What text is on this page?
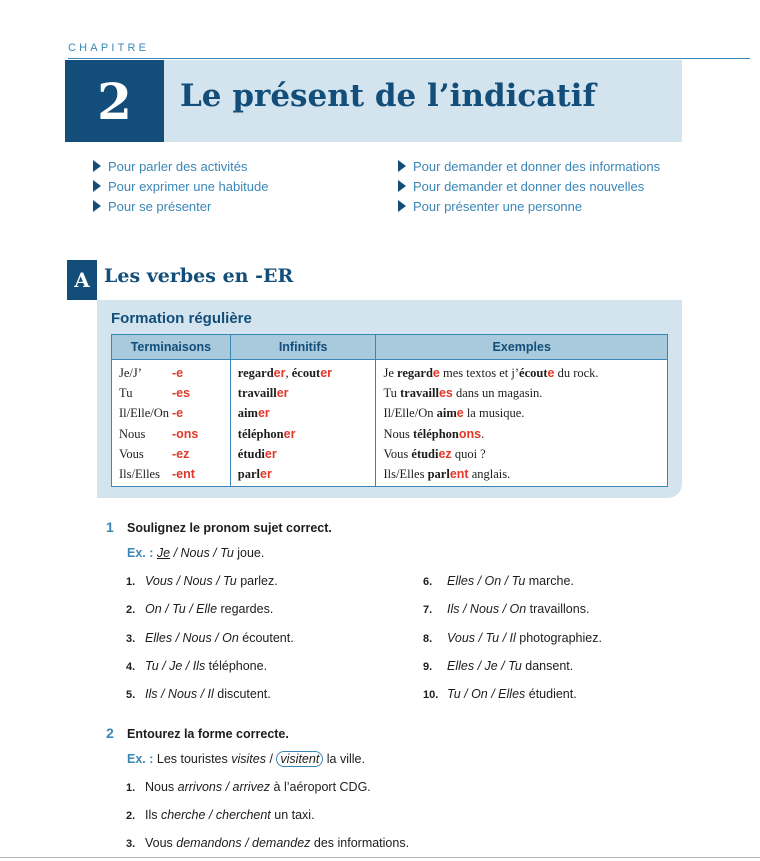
CHAPITRE
2	Le présent de l’indicatif
Pour parler des activités
Pour exprimer une habitude
Pour se présenter
Pour demander et donner des informations
Pour demander et donner des nouvelles
Pour présenter une personne
A Les verbes en -ER
Formation régulière
Terminaisons	Infinitifs	Exemples
Je/J’ -e	regarder, écouter	Je regarde mes textos et j’écoute du rock.
Tu -es	travailler	Tu travailles dans un magasin.
Il/Elle/On -e	aimer	Il/Elle/On aime la musique.
Nous -ons	téléphoner	Nous téléphonons.
Vous -ez	étudier	Vous étudiez quoi ?
Ils/Elles -ent	parler	Ils/Elles parlent anglais.
1 Soulignez le pronom sujet correct.
Ex. : Je / Nous / Tu joue.
1. Vous / Nous / Tu parlez.
2. On / Tu / Elle regardes.
3. Elles / Nous / On écoutent.
4. Tu / Je / Ils téléphone.
5. Ils / Nous / Il discutent.
6. Elles / On / Tu marche.
7. Ils / Nous / On travaillons.
8. Vous / Tu / Il photographiez.
9. Elles / Je / Tu dansent.
10. Tu / On / Elles étudient.
2 Entourez la forme correcte.
Ex. : Les touristes visites / visitent la ville.
1. Nous arrivons / arrivez à l’aéroport CDG.
2. Ils cherche / cherchent un taxi.
3. Vous demandons / demandez des informations.
